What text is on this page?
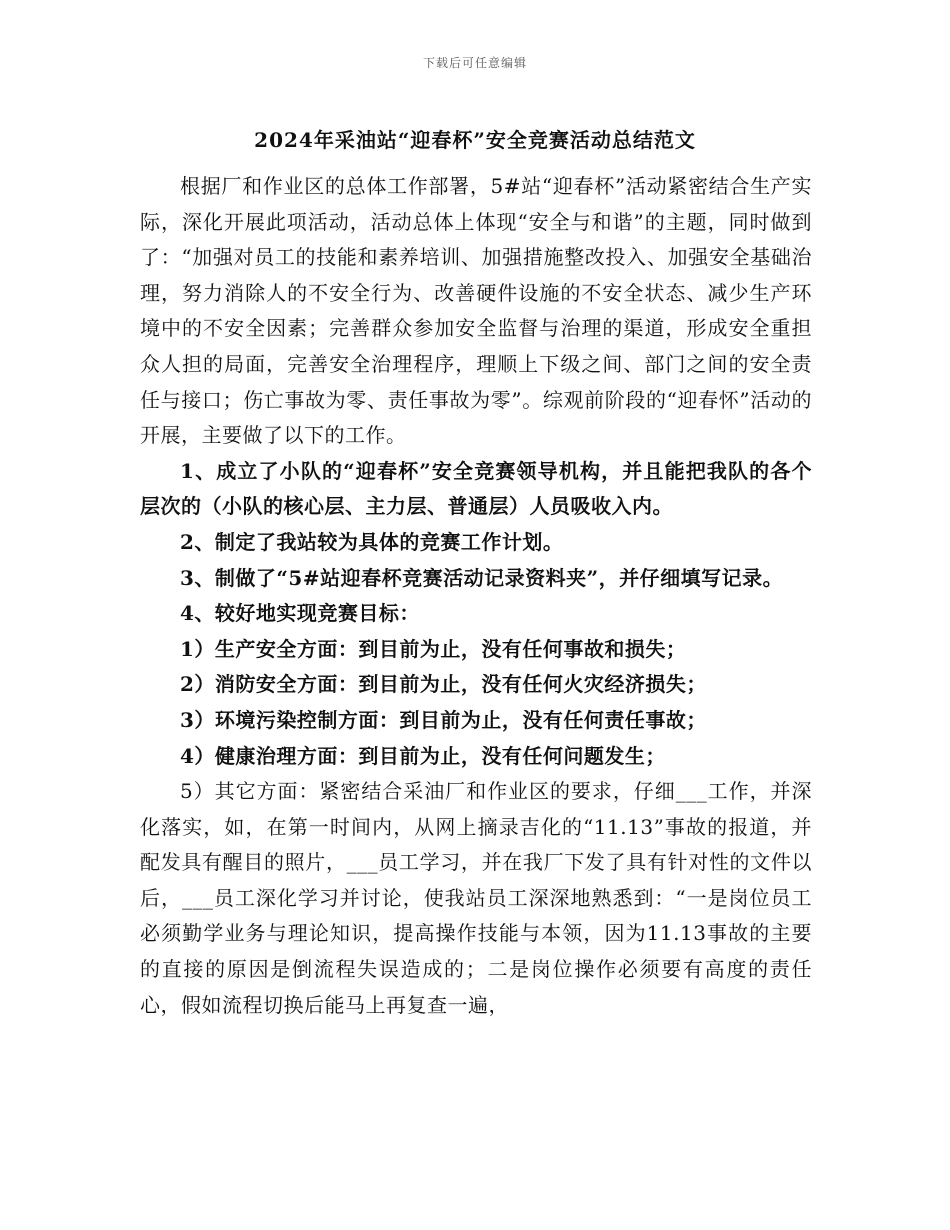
下载后可任意编辑
2024年采油站“迎春杯”安全竞赛活动总结范文

根据厂和作业区的总体工作部署，5#站“迎春杯”活动紧密结合生产实际，深化开展此项活动，活动总体上体现“安全与和谐”的主题，同时做到了：“加强对员工的技能和素养培训、加强措施整改投入、加强安全基础治理，努力消除人的不安全行为、改善硬件设施的不安全状态、减少生产环境中的不安全因素；完善群众参加安全监督与治理的渠道，形成安全重担众人担的局面，完善安全治理程序，理顺上下级之间、部门之间的安全责任与接口；伤亡事故为零、责任事故为零”。综观前阶段的“迎春怀”活动的开展，主要做了以下的工作。

1、成立了小队的“迎春杯”安全竞赛领导机构，并且能把我队的各个层次的（小队的核心层、主力层、普通层）人员吸收入内。

2、制定了我站较为具体的竞赛工作计划。

3、制做了“5#站迎春杯竞赛活动记录资料夹”，并仔细填写记录。

4、较好地实现竞赛目标：

1）生产安全方面：到目前为止，没有任何事故和损失；

2）消防安全方面：到目前为止，没有任何火灾经济损失；

3）环境污染控制方面：到目前为止，没有任何责任事故；

4）健康治理方面：到目前为止，没有任何问题发生；

5）其它方面：紧密结合采油厂和作业区的要求，仔细___工作，并深化落实，如，在第一时间内，从网上摘录吉化的“11.13”事故的报道，并配发具有醒目的照片，___员工学习，并在我厂下发了具有针对性的文件以后，___员工深化学习并讨论，使我站员工深深地熟悉到：“一是岗位员工必须勤学业务与理论知识，提高操作技能与本领，因为11.13事故的主要的直接的原因是倒流程失误造成的；二是岗位操作必须要有高度的责任心，假如流程切换后能马上再复查一遍，
